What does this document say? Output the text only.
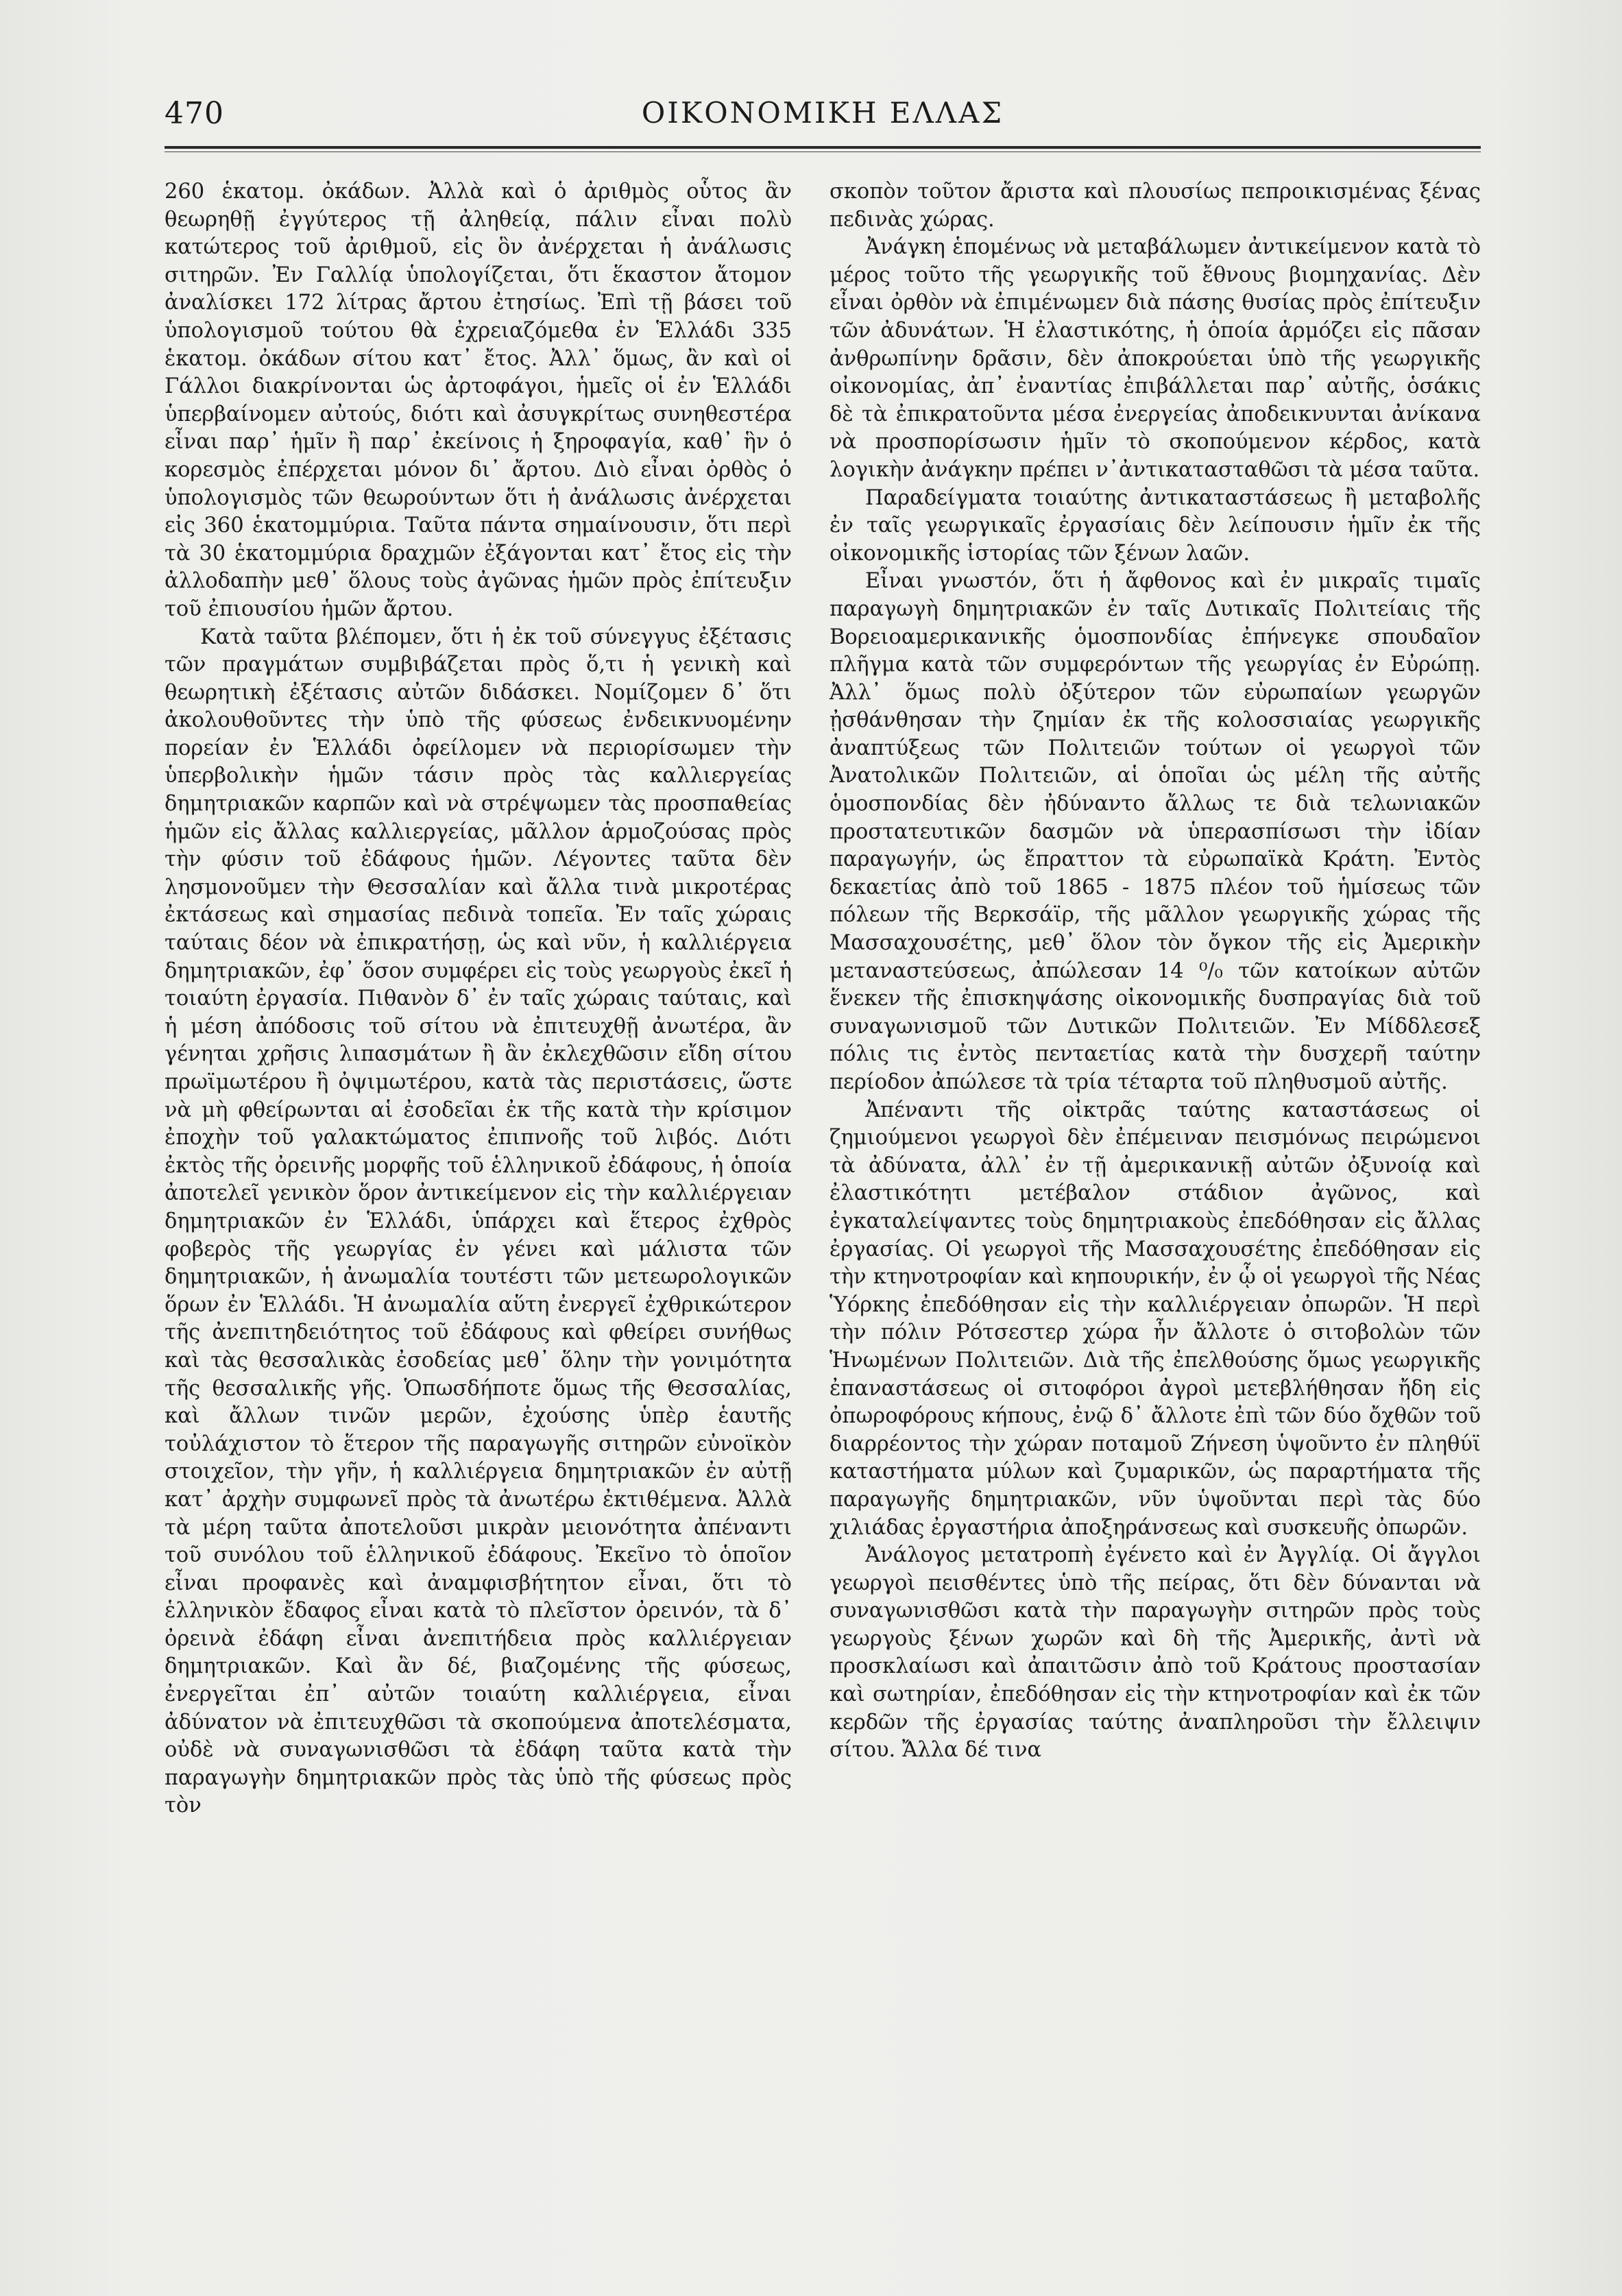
470	ΟΙΚΟΝΟΜΙΚΗ ΕΛΛΑΣ

260 ἑκατομ. ὀκάδων. Ἀλλὰ καὶ ὁ ἀριθμὸς οὗτος ἂν θεωρηθῇ ἐγγύτερος τῇ ἀληθείᾳ, πάλιν εἶναι πολὺ κατώτερος τοῦ ἀριθμοῦ, εἰς ὃν ἀνέρχεται ἡ ἀνάλωσις σιτηρῶν. Ἐν Γαλλίᾳ ὑπολογίζεται, ὅτι ἕκαστον ἄτομον ἀναλίσκει 172 λίτρας ἄρτου ἐτησίως. Ἐπὶ τῇ βάσει τοῦ ὑπολογισμοῦ τούτου θὰ ἐχρειαζόμεθα ἐν Ἑλλάδι 335 ἑκατομ. ὀκάδων σίτου κατ᾽ ἔτος. Ἀλλ᾽ ὅμως, ἂν καὶ οἱ Γάλλοι διακρίνονται ὡς ἀρτοφάγοι, ἡμεῖς οἱ ἐν Ἑλλάδι ὑπερβαίνομεν αὐτούς, διότι καὶ ἀσυγκρίτως συνηθεστέρα εἶναι παρ᾽ ἡμῖν ἢ παρ᾽ ἐκείνοις ἡ ξηροφαγία, καθ᾽ ἣν ὁ κορεσμὸς ἐπέρχεται μόνον δι᾽ ἄρτου. Διὸ εἶναι ὀρθὸς ὁ ὑπολογισμὸς τῶν θεωρούντων ὅτι ἡ ἀνάλωσις ἀνέρχεται εἰς 360 ἑκατομμύρια. Ταῦτα πάντα σημαίνουσιν, ὅτι περὶ τὰ 30 ἑκατομμύρια δραχμῶν ἐξάγονται κατ᾽ ἔτος εἰς τὴν ἀλλοδαπὴν μεθ᾽ ὅλους τοὺς ἀγῶνας ἡμῶν πρὸς ἐπίτευξιν τοῦ ἐπιουσίου ἡμῶν ἄρτου.

Κατὰ ταῦτα βλέπομεν, ὅτι ἡ ἐκ τοῦ σύνεγγυς ἐξέτασις τῶν πραγμάτων συμβιβάζεται πρὸς ὅ,τι ἡ γενικὴ καὶ θεωρητικὴ ἐξέτασις αὐτῶν διδάσκει. Νομίζομεν δ᾽ ὅτι ἀκολουθοῦντες τὴν ὑπὸ τῆς φύσεως ἐνδεικνυομένην πορείαν ἐν Ἑλλάδι ὀφείλομεν νὰ περιορίσωμεν τὴν ὑπερβολικὴν ἡμῶν τάσιν πρὸς τὰς καλλιεργείας δημητριακῶν καρπῶν καὶ νὰ στρέψωμεν τὰς προσπαθείας ἡμῶν εἰς ἄλλας καλλιεργείας, μᾶλλον ἁρμοζούσας πρὸς τὴν φύσιν τοῦ ἐδάφους ἡμῶν. Λέγοντες ταῦτα δὲν λησμονοῦμεν τὴν Θεσσαλίαν καὶ ἄλλα τινὰ μικροτέρας ἐκτάσεως καὶ σημασίας πεδινὰ τοπεῖα. Ἐν ταῖς χώραις ταύταις δέον νὰ ἐπικρατήσῃ, ὡς καὶ νῦν, ἡ καλλιέργεια δημητριακῶν, ἐφ᾽ ὅσον συμφέρει εἰς τοὺς γεωργοὺς ἐκεῖ ἡ τοιαύτη ἐργασία. Πιθανὸν δ᾽ ἐν ταῖς χώραις ταύταις, καὶ ἡ μέση ἀπόδοσις τοῦ σίτου νὰ ἐπιτευχθῇ ἀνωτέρα, ἂν γένηται χρῆσις λιπασμάτων ἢ ἂν ἐκλεχθῶσιν εἴδη σίτου πρωϊμωτέρου ἢ ὀψιμωτέρου, κατὰ τὰς περιστάσεις, ὥστε νὰ μὴ φθείρωνται αἱ ἐσοδεῖαι ἐκ τῆς κατὰ τὴν κρίσιμον ἐποχὴν τοῦ γαλακτώματος ἐπιπνοῆς τοῦ λιβός. Διότι ἐκτὸς τῆς ὀρεινῆς μορφῆς τοῦ ἑλληνικοῦ ἐδάφους, ἡ ὁποία ἀποτελεῖ γενικὸν ὅρον ἀντικείμενον εἰς τὴν καλλιέργειαν δημητριακῶν ἐν Ἑλλάδι, ὑπάρχει καὶ ἕτερος ἐχθρὸς φοβερὸς τῆς γεωργίας ἐν γένει καὶ μάλιστα τῶν δημητριακῶν, ἡ ἀνωμαλία τουτέστι τῶν μετεωρολογικῶν ὅρων ἐν Ἑλλάδι. Ἡ ἀνωμαλία αὕτη ἐνεργεῖ ἐχθρικώτερον τῆς ἀνεπιτηδειότητος τοῦ ἐδάφους καὶ φθείρει συνήθως καὶ τὰς θεσσαλικὰς ἐσοδείας μεθ᾽ ὅλην τὴν γονιμότητα τῆς θεσσαλικῆς γῆς. Ὁπωσδήποτε ὅμως τῆς Θεσσαλίας, καὶ ἄλλων τινῶν μερῶν, ἐχούσης ὑπὲρ ἑαυτῆς τοὐλάχιστον τὸ ἕτερον τῆς παραγωγῆς σιτηρῶν εὐνοϊκὸν στοιχεῖον, τὴν γῆν, ἡ καλλιέργεια δημητριακῶν ἐν αὐτῇ κατ᾽ ἀρχὴν συμφωνεῖ πρὸς τὰ ἀνωτέρω ἐκτιθέμενα. Ἀλλὰ τὰ μέρη ταῦτα ἀποτελοῦσι μικρὰν μειονότητα ἀπέναντι τοῦ συνόλου τοῦ ἑλληνικοῦ ἐδάφους. Ἐκεῖνο τὸ ὁποῖον εἶναι προφανὲς καὶ ἀναμφισβήτητον εἶναι, ὅτι τὸ ἑλληνικὸν ἔδαφος εἶναι κατὰ τὸ πλεῖστον ὀρεινόν, τὰ δ᾽ ὀρεινὰ ἐδάφη εἶναι ἀνεπιτήδεια πρὸς καλλιέργειαν δημητριακῶν. Καὶ ἂν δέ, βιαζομένης τῆς φύσεως, ἐνεργεῖται ἐπ᾽ αὐτῶν τοιαύτη καλλιέργεια, εἶναι ἀδύνατον νὰ ἐπιτευχθῶσι τὰ σκοπούμενα ἀποτελέσματα, οὐδὲ νὰ συναγωνισθῶσι τὰ ἐδάφη ταῦτα κατὰ τὴν παραγωγὴν δημητριακῶν πρὸς τὰς ὑπὸ τῆς φύσεως πρὸς τὸν

σκοπὸν τοῦτον ἄριστα καὶ πλουσίως πεπροικισμένας ξένας πεδινὰς χώρας.

Ἀνάγκη ἑπομένως νὰ μεταβάλωμεν ἀντικείμενον κατὰ τὸ μέρος τοῦτο τῆς γεωργικῆς τοῦ ἔθνους βιομηχανίας. Δὲν εἶναι ὀρθὸν νὰ ἐπιμένωμεν διὰ πάσης θυσίας πρὸς ἐπίτευξιν τῶν ἀδυνάτων. Ἡ ἐλαστικότης, ἡ ὁποία ἁρμόζει εἰς πᾶσαν ἀνθρωπίνην δρᾶσιν, δὲν ἀποκρούεται ὑπὸ τῆς γεωργικῆς οἰκονομίας, ἀπ᾽ ἐναντίας ἐπιβάλλεται παρ᾽ αὐτῆς, ὁσάκις δὲ τὰ ἐπικρατοῦντα μέσα ἐνεργείας ἀποδεικνυνται ἀνίκανα νὰ προσπορίσωσιν ἡμῖν τὸ σκοπούμενον κέρδος, κατὰ λογικὴν ἀνάγκην πρέπει ν᾽ἀντικατασταθῶσι τὰ μέσα ταῦτα.

Παραδείγματα τοιαύτης ἀντικαταστάσεως ἢ μεταβολῆς ἐν ταῖς γεωργικαῖς ἐργασίαις δὲν λείπουσιν ἡμῖν ἐκ τῆς οἰκονομικῆς ἱστορίας τῶν ξένων λαῶν.

Εἶναι γνωστόν, ὅτι ἡ ἄφθονος καὶ ἐν μικραῖς τιμαῖς παραγωγὴ δημητριακῶν ἐν ταῖς Δυτικαῖς Πολιτείαις τῆς Βορειοαμερικανικῆς ὁμοσπονδίας ἐπήνεγκε σπουδαῖον πλῆγμα κατὰ τῶν συμφερόντων τῆς γεωργίας ἐν Εὐρώπῃ. Ἀλλ᾽ ὅμως πολὺ ὀξύτερον τῶν εὐρωπαίων γεωργῶν ᾐσθάνθησαν τὴν ζημίαν ἐκ τῆς κολοσσιαίας γεωργικῆς ἀναπτύξεως τῶν Πολιτειῶν τούτων οἱ γεωργοὶ τῶν Ἀνατολικῶν Πολιτειῶν, αἱ ὁποῖαι ὡς μέλη τῆς αὐτῆς ὁμοσπονδίας δὲν ἠδύναντο ἄλλως τε διὰ τελωνιακῶν προστατευτικῶν δασμῶν νὰ ὑπερασπίσωσι τὴν ἰδίαν παραγωγήν, ὡς ἔπραττον τὰ εὐρωπαϊκὰ Κράτη. Ἐντὸς δεκαετίας ἀπὸ τοῦ 1865 - 1875 πλέον τοῦ ἡμίσεως τῶν πόλεων τῆς Βερκσάϊρ, τῆς μᾶλλον γεωργικῆς χώρας τῆς Μασσαχουσέτης, μεθ᾽ ὅλον τὸν ὄγκον τῆς εἰς Ἀμερικὴν μεταναστεύσεως, ἀπώλεσαν 14 ⁰/₀ τῶν κατοίκων αὐτῶν ἕνεκεν τῆς ἐπισκηψάσης οἰκονομικῆς δυσπραγίας διὰ τοῦ συναγωνισμοῦ τῶν Δυτικῶν Πολιτειῶν. Ἐν Μίδδλεσεξ πόλις τις ἐντὸς πενταετίας κατὰ τὴν δυσχερῆ ταύτην περίοδον ἀπώλεσε τὰ τρία τέταρτα τοῦ πληθυσμοῦ αὐτῆς.

Ἀπέναντι τῆς οἰκτρᾶς ταύτης καταστάσεως οἱ ζημιούμενοι γεωργοὶ δὲν ἐπέμειναν πεισμόνως πειρώμενοι τὰ ἀδύνατα, ἀλλ᾽ ἐν τῇ ἀμερικανικῇ αὐτῶν ὀξυνοίᾳ καὶ ἐλαστικότητι μετέβαλον στάδιον ἀγῶνος, καὶ ἐγκαταλείψαντες τοὺς δημητριακοὺς ἐπεδόθησαν εἰς ἄλλας ἐργασίας. Οἱ γεωργοὶ τῆς Μασσαχουσέτης ἐπεδόθησαν εἰς τὴν κτηνοτροφίαν καὶ κηπουρικήν, ἐν ᾧ οἱ γεωργοὶ τῆς Νέας Ὑόρκης ἐπεδόθησαν εἰς τὴν καλλιέργειαν ὀπωρῶν. Ἡ περὶ τὴν πόλιν Ρότσεστερ χώρα ἦν ἄλλοτε ὁ σιτοβολὼν τῶν Ἡνωμένων Πολιτειῶν. Διὰ τῆς ἐπελθούσης ὅμως γεωργικῆς ἐπαναστάσεως οἱ σιτοφόροι ἀγροὶ μετεβλήθησαν ἤδη εἰς ὀπωροφόρους κήπους, ἐνῷ δ᾽ ἄλλοτε ἐπὶ τῶν δύο ὄχθῶν τοῦ διαρρέοντος τὴν χώραν ποταμοῦ Ζήνεση ὑψοῦντο ἐν πληθύϊ καταστήματα μύλων καὶ ζυμαρικῶν, ὡς παραρτήματα τῆς παραγωγῆς δημητριακῶν, νῦν ὑψοῦνται περὶ τὰς δύο χιλιάδας ἐργαστήρια ἀποξηράνσεως καὶ συσκευῆς ὀπωρῶν.

Ἀνάλογος μετατροπὴ ἐγένετο καὶ ἐν Ἀγγλίᾳ. Οἱ ἄγγλοι γεωργοὶ πεισθέντες ὑπὸ τῆς πείρας, ὅτι δὲν δύνανται νὰ συναγωνισθῶσι κατὰ τὴν παραγωγὴν σιτηρῶν πρὸς τοὺς γεωργοὺς ξένων χωρῶν καὶ δὴ τῆς Ἀμερικῆς, ἀντὶ νὰ προσκλαίωσι καὶ ἀπαιτῶσιν ἀπὸ τοῦ Κράτους προστασίαν καὶ σωτηρίαν, ἐπεδόθησαν εἰς τὴν κτηνοτροφίαν καὶ ἐκ τῶν κερδῶν τῆς ἐργασίας ταύτης ἀναπληροῦσι τὴν ἔλλειψιν σίτου. Ἄλλα δέ τινα
